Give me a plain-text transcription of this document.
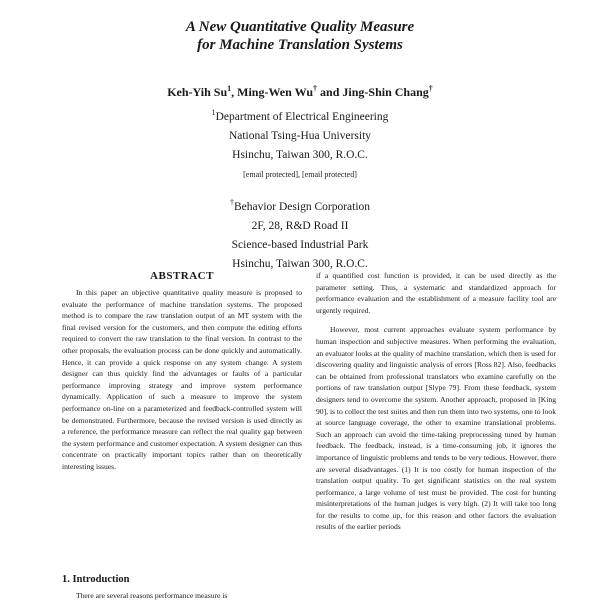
A New Quantitative Quality Measure
for Machine Translation Systems
Keh-Yih Su$^1$, Ming-Wen Wu† and Jing-Shin Chang†
$^1$Department of Electrical Engineering
National Tsing-Hua University
Hsinchu, Taiwan 300, R.O.C.
[email protected], [email protected]
†Behavior Design Corporation
2F, 28, R&D Road II
Science-based Industrial Park
Hsinchu, Taiwan 300, R.O.C.
ABSTRACT

In this paper an objective quantitative quality measure is proposed to evaluate the performance of machine translation systems. The proposed method is to compare the raw translation output of an MT system with the final revised version for the customers, and then compute the editing efforts required to convert the raw translation to the final version. In contrast to the other proposals, the evaluation process can be done quickly and automatically. Hence, it can provide a quick response on any system change. A system designer can thus quickly find the advantages or faults of a particular performance improving strategy and improve system performance dynamically. Application of such a measure to improve the system performance on-line on a parameterized and feedback-controlled system will be demonstrated. Furthermore, because the revised version is used directly as a reference, the performance measure can reflect the real quality gap between the system performance and customer expectation. A system designer can thus concentrate on practically important topics rather than on theoretically interesting issues.

if a quantified cost function is provided, it can be used directly as the parameter setting. Thus, a systematic and standardized approach for performance evaluation and the establishment of a measure facility tool are urgently required.

However, most current approaches evaluate system performance by human inspection and subjective measures. When performing the evaluation, an evaluator looks at the quality of machine translation, which then is used for discovering quality and linguistic analysis of errors [Ross 82]. Also, feedbacks can be obtained from professional translators who examine carefully on the portions of raw translation output [Slype 79]. From these feedback, system designers tend to overcome the system. Another approach, proposed in [King 90], is to collect the test suites and then run them into two systems, one to look at source language coverage, the other to examine translational problems. Such an approach can avoid the time-taking preprocessing tuned by human feedback. The feedback, instead, is a time-consuming job, it ignores the importance of linguistic problems and tends to be very tedious. However, there are several disadvantages. (1) It is too costly for human inspection of the translation output quality. To get significant statistics on the real system performance, a large volume of test must be provided. The cost for hunting misinterpretations of the human judges is very high. (2) It will take too long for the results to come up, for this reason and other factors the evaluation results of the earlier periods

1. Introduction
There are several reasons performance measure is
